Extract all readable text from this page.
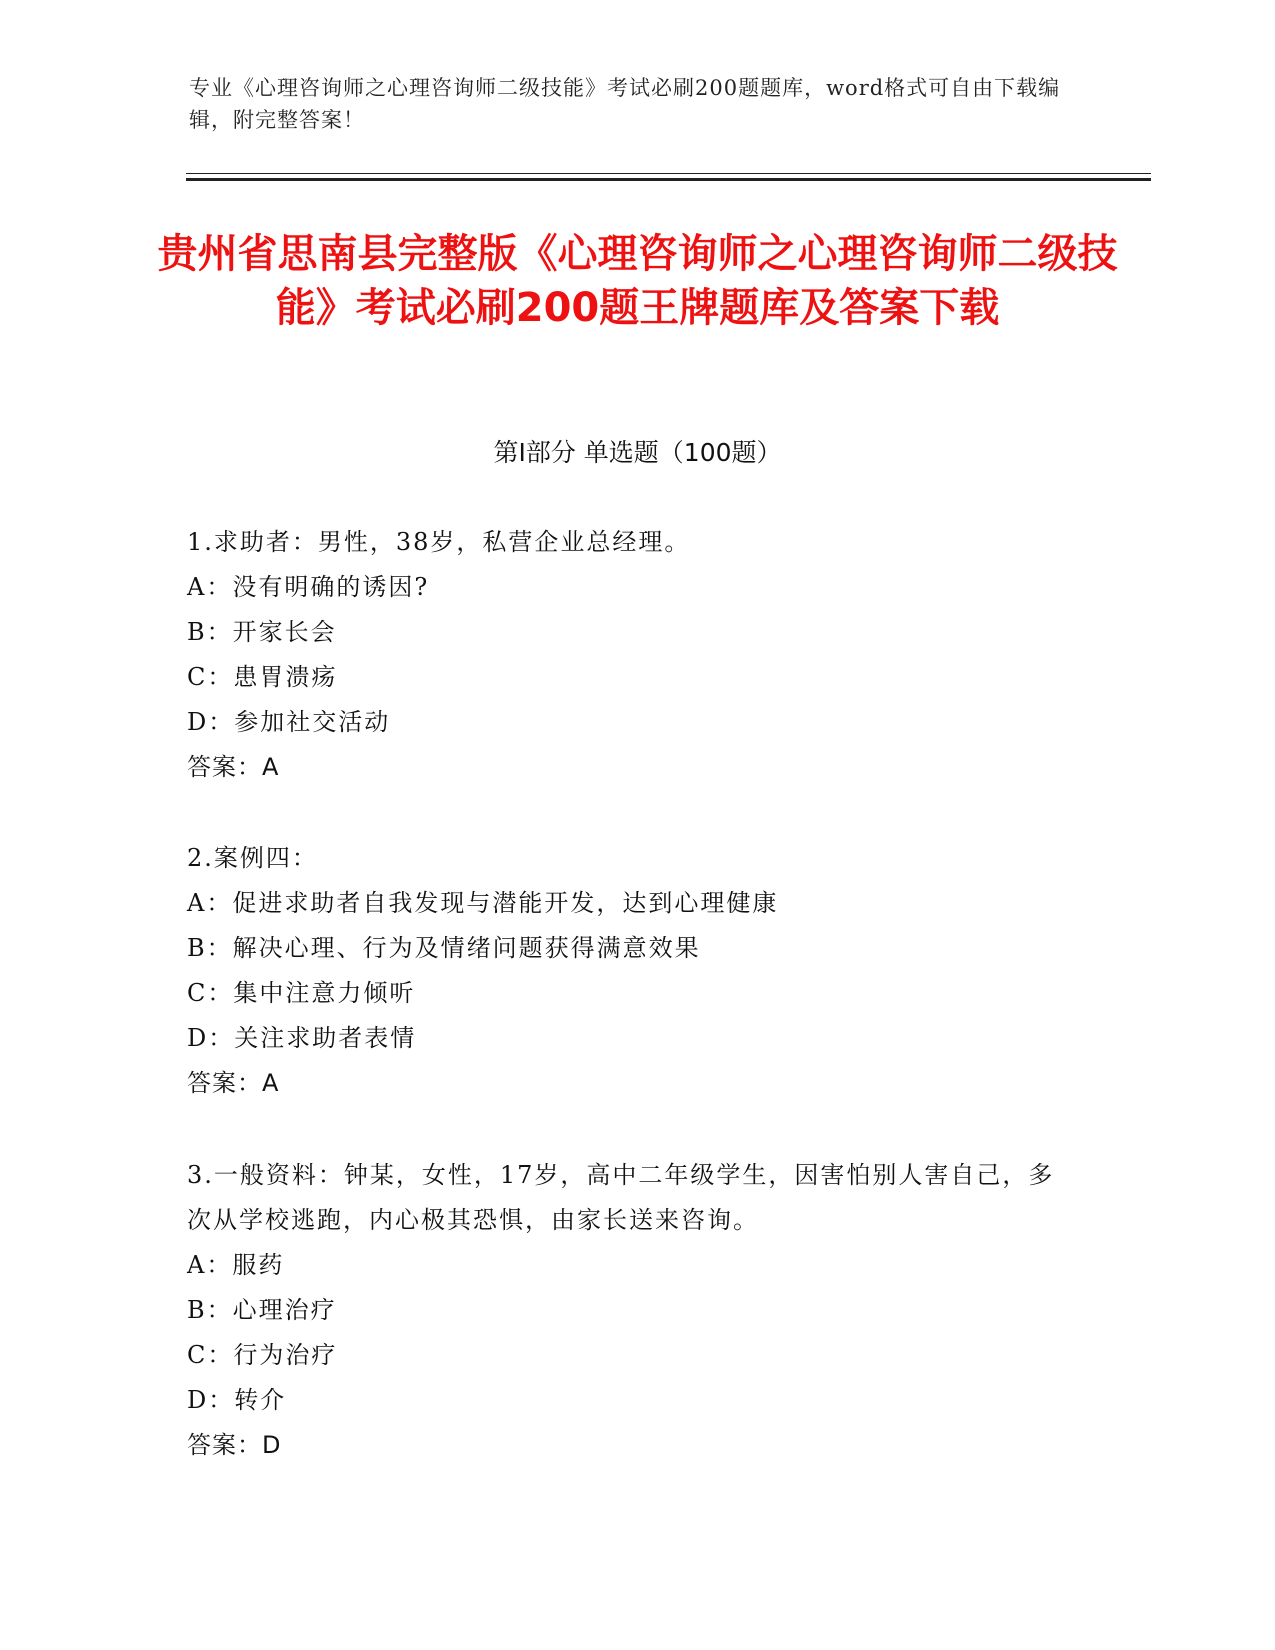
专业《心理咨询师之心理咨询师二级技能》考试必刷200题题库，word格式可自由下载编辑，附完整答案！
贵州省思南县完整版《心理咨询师之心理咨询师二级技能》考试必刷200题王牌题库及答案下载
第Ⅰ部分 单选题（100题）
1.求助者：男性，38岁，私营企业总经理。
A：没有明确的诱因?
B：开家长会
C：患胃溃疡
D：参加社交活动
答案：A
2.案例四：
A：促进求助者自我发现与潜能开发，达到心理健康
B：解决心理、行为及情绪问题获得满意效果
C：集中注意力倾听
D：关注求助者表情
答案：A
3.一般资料：钟某，女性，17岁，高中二年级学生，因害怕别人害自己，多次从学校逃跑，内心极其恐惧，由家长送来咨询。
A：服药
B：心理治疗
C：行为治疗
D：转介
答案：D
